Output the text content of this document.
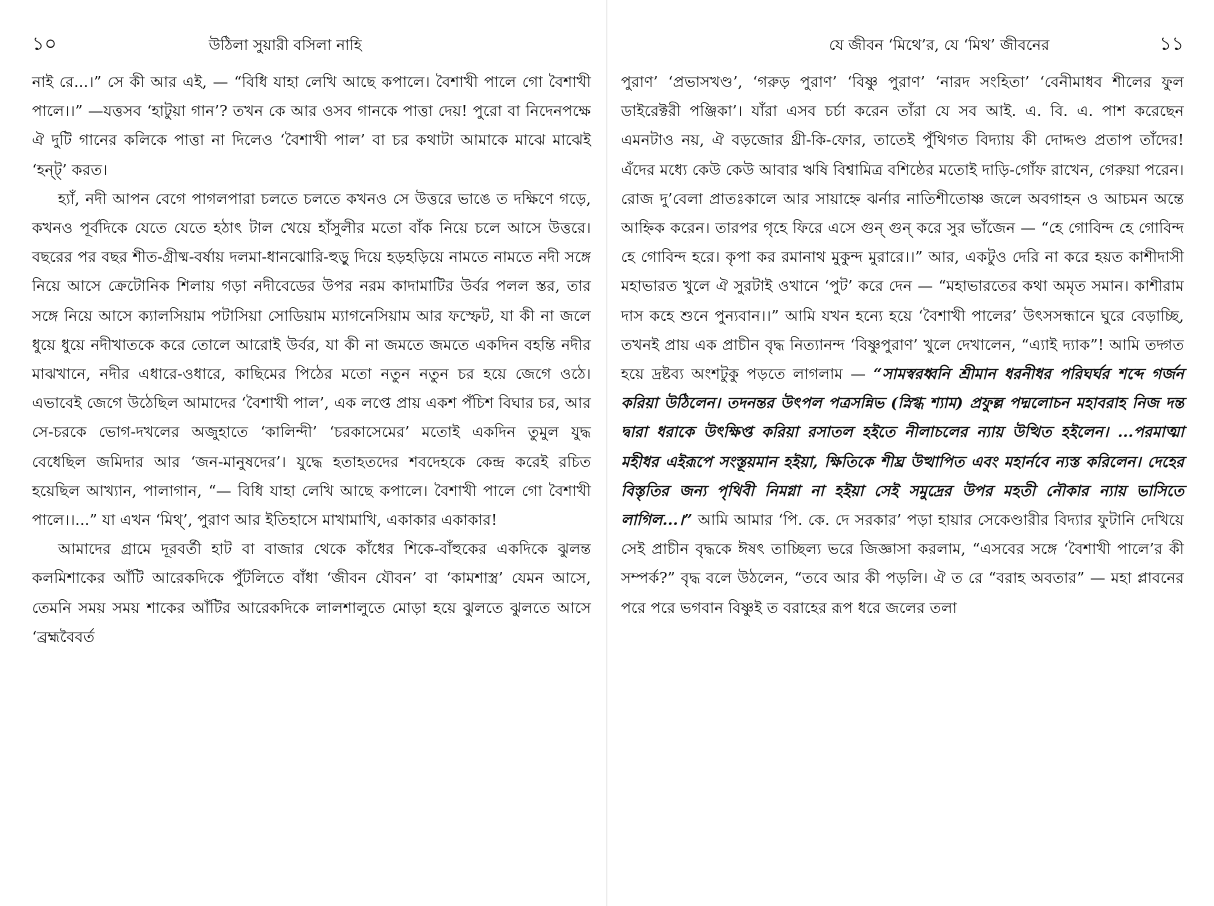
১০	উঠিলা সুয়ারী বসিলা নাহি

নাই রে...।” সে কী আর এই, — “বিধি যাহা লেখি আছে কপালে। বৈশাখী পালে গো বৈশাখী পালে।।” —যত্তসব ‘হাটুয়া গান’? তখন কে আর ওসব গানকে পাত্তা দেয়! পুরো বা নিদেনপক্ষে ঐ দুটি গানের কলিকে পাত্তা না দিলেও ‘বৈশাখী পাল’ বা চর কথাটা আমাকে মাঝে মাঝেই ‘হন্ট্’ করত।

হ্যাঁ, নদী আপন বেগে পাগলপারা চলতে চলতে কখনও সে উত্তরে ভাঙে ত দক্ষিণে গড়ে, কখনও পূর্বদিকে যেতে যেতে হঠাৎ টাল খেয়ে হাঁসুলীর মতো বাঁক নিয়ে চলে আসে উত্তরে। বছরের পর বছর শীত-গ্রীষ্ম-বর্ষায় দলমা-ধানঝোরি-হুড়ু দিয়ে হড়হড়িয়ে নামতে নামতে নদী সঙ্গে নিয়ে আসে ক্রেটোনিক শিলায় গড়া নদীবেডের উপর নরম কাদামাটির উর্বর পলল স্তর, তার সঙ্গে নিয়ে আসে ক্যালসিয়াম পটাসিয়া সোডিয়াম ম্যাগনেসিয়াম আর ফস্ফেট, যা কী না জলে ধুয়ে ধুয়ে নদীখাতকে করে তোলে আরোই উর্বর, যা কী না জমতে জমতে একদিন বহন্তি নদীর মাঝখানে, নদীর এধারে-ওধারে, কাছিমের পিঠের মতো নতুন নতুন চর হয়ে জেগে ওঠে। এভাবেই জেগে উঠেছিল আমাদের ‘বৈশাখী পাল’, এক লপ্তে প্রায় একশ পঁচিশ বিঘার চর, আর সে-চরকে ভোগ-দখলের অজুহাতে ‘কালিন্দী’ ‘চরকাসেমের’ মতোই একদিন তুমুল যুদ্ধ বেধেছিল জমিদার আর ‘জন-মানুষদের’। যুদ্ধে হতাহতদের শবদেহকে কেন্দ্র করেই রচিত হয়েছিল আখ্যান, পালাগান, “— বিধি যাহা লেখি আছে কপালে। বৈশাখী পালে গো বৈশাখী পালে।।...” যা এখন ‘মিথ্’, পুরাণ আর ইতিহাসে মাখামাখি, একাকার একাকার!

আমাদের গ্রামে দূরবর্তী হাট বা বাজার থেকে কাঁধের শিকে-বাঁহুকের একদিকে ঝুলন্ত কলমিশাকের আঁটি আরেকদিকে পুঁটলিতে বাঁধা ‘জীবন যৌবন’ বা ‘কামশাস্ত্র’ যেমন আসে, তেমনি সময় সময় শাকের আঁটির আরেকদিকে লালশালুতে মোড়া হয়ে ঝুলতে ঝুলতে আসে ‘ব্রহ্মবৈবর্ত

যে জীবন ‘মিথে’র, যে ‘মিথ’ জীবনের	১১

পুরাণ’ ‘প্রভাসখণ্ড’, ‘গরুড় পুরাণ’ ‘বিষ্ণু পুরাণ’ ‘নারদ সংহিতা’ ‘বেনীমাধব শীলের ফুল ডাইরেক্টরী পঞ্জিকা’। যাঁরা এসব চর্চা করেন তাঁরা যে সব আই. এ. বি. এ. পাশ করেছেন এমনটাও নয়, ঐ বড়জোর থ্রী-কি-ফোর, তাতেই পুঁথিগত বিদ্যায় কী দোদ্দণ্ড প্রতাপ তাঁদের! এঁদের মধ্যে কেউ কেউ আবার ঋষি বিশ্বামিত্র বশিষ্ঠের মতোই দাড়ি-গোঁফ রাখেন, গেরুয়া পরেন। রোজ দু’বেলা প্রাতঃকালে আর সায়াহ্নে ঝর্নার নাতিশীতোষ্ণ জলে অবগাহন ও আচমন অন্তে আহ্নিক করেন। তারপর গৃহে ফিরে এসে গুন্ গুন্ করে সুর ভাঁজেন — “হে গোবিন্দ হে গোবিন্দ হে গোবিন্দ হরে। কৃপা কর রমানাথ মুকুন্দ মুরারে।।” আর, একটুও দেরি না করে হয়ত কাশীদাসী মহাভারত খুলে ঐ সুরটাই ওখানে ‘পুট’ করে দেন — “মহাভারতের কথা অমৃত সমান। কাশীরাম দাস কহে শুনে পুন্যবান।।” আমি যখন হন্যে হয়ে ‘বৈশাখী পালের’ উৎসসন্ধানে ঘুরে বেড়াচ্ছি, তখনই প্রায় এক প্রাচীন বৃদ্ধ নিত্যানন্দ ‘বিষ্ণুপুরাণ’ খুলে দেখালেন, “এ্যাই দ্যাক”! আমি তদ্গত হয়ে দ্রষ্টব্য অংশটুকু পড়তে লাগলাম — “সামস্বরধ্বনি শ্রীমান ধরনীধর পরিঘর্ঘর শব্দে গর্জন করিয়া উঠিলেন। তদনন্তর উৎপল পত্রসন্নিভ (স্নিগ্ধ শ্যাম) প্রফুল্ল পদ্মলোচন মহাবরাহ নিজ দন্ত দ্বারা ধরাকে উৎক্ষিপ্ত করিয়া রসাতল হইতে নীলাচলের ন্যায় উত্থিত হইলেন। ...পরমাত্মা মহীধর এইরূপে সংস্তূয়মান হইয়া, ক্ষিতিকে শীঘ্র উত্থাপিত এবং মহার্নবে ন্যস্ত করিলেন। দেহের বিস্তৃতির জন্য পৃথিবী নিমগ্না না হইয়া সেই সমুদ্রের উপর মহতী নৌকার ন্যায় ভাসিতে লাগিল...।” আমি আমার ‘পি. কে. দে সরকার’ পড়া হায়ার সেকেণ্ডারীর বিদ্যার ফুটানি দেখিয়ে সেই প্রাচীন বৃদ্ধকে ঈষৎ তাচ্ছিল্য ভরে জিজ্ঞাসা করলাম, “এসবের সঙ্গে ‘বৈশাখী পালে’র কী সম্পর্ক?” বৃদ্ধ বলে উঠলেন, “তবে আর কী পড়লি। ঐ ত রে “বরাহ অবতার” — মহা প্লাবনের পরে পরে ভগবান বিষ্ণুই ত বরাহের রূপ ধরে জলের তলা
